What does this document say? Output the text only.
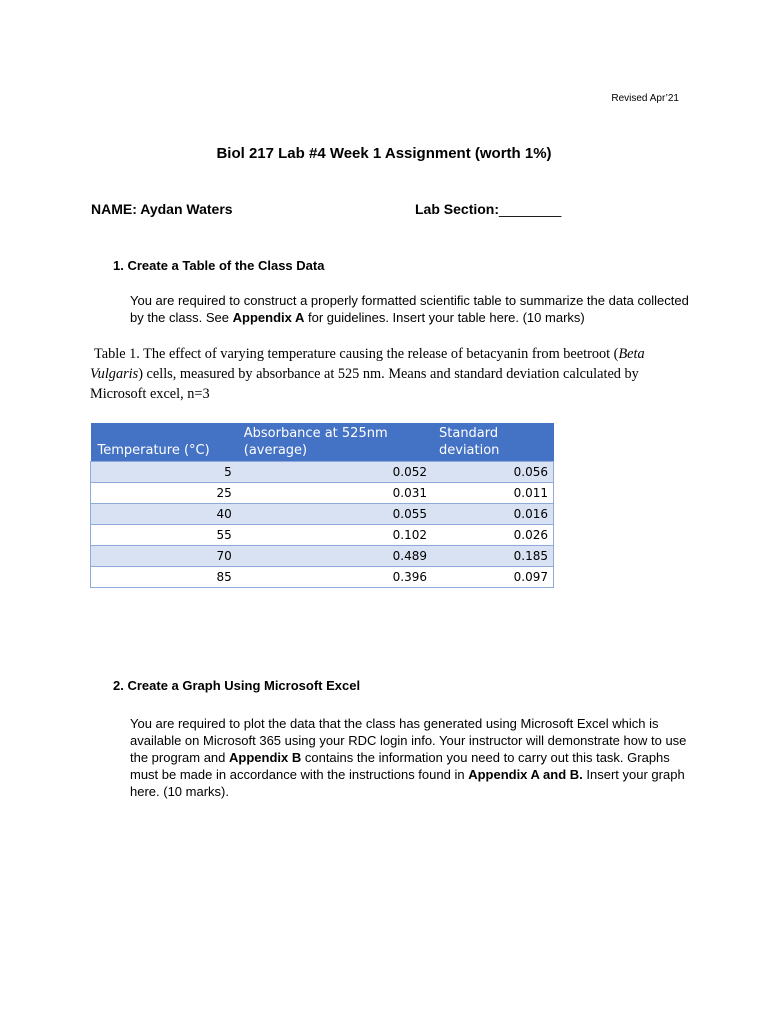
Revised Apr’21
Biol 217 Lab #4 Week 1 Assignment (worth 1%)
NAME: Aydan Waters	Lab Section:________
1. Create a Table of the Class Data
You are required to construct a properly formatted scientific table to summarize the data collected by the class. See Appendix A for guidelines. Insert your table here. (10 marks)
Table 1. The effect of varying temperature causing the release of betacyanin from beetroot (Beta Vulgaris) cells, measured by absorbance at 525 nm. Means and standard deviation calculated by Microsoft excel, n=3
Temperature (°C)	Absorbance at 525nm (average)	Standard deviation
5	0.052	0.056
25	0.031	0.011
40	0.055	0.016
55	0.102	0.026
70	0.489	0.185
85	0.396	0.097
2. Create a Graph Using Microsoft Excel
You are required to plot the data that the class has generated using Microsoft Excel which is available on Microsoft 365 using your RDC login info. Your instructor will demonstrate how to use the program and Appendix B contains the information you need to carry out this task. Graphs must be made in accordance with the instructions found in Appendix A and B. Insert your graph here. (10 marks).
